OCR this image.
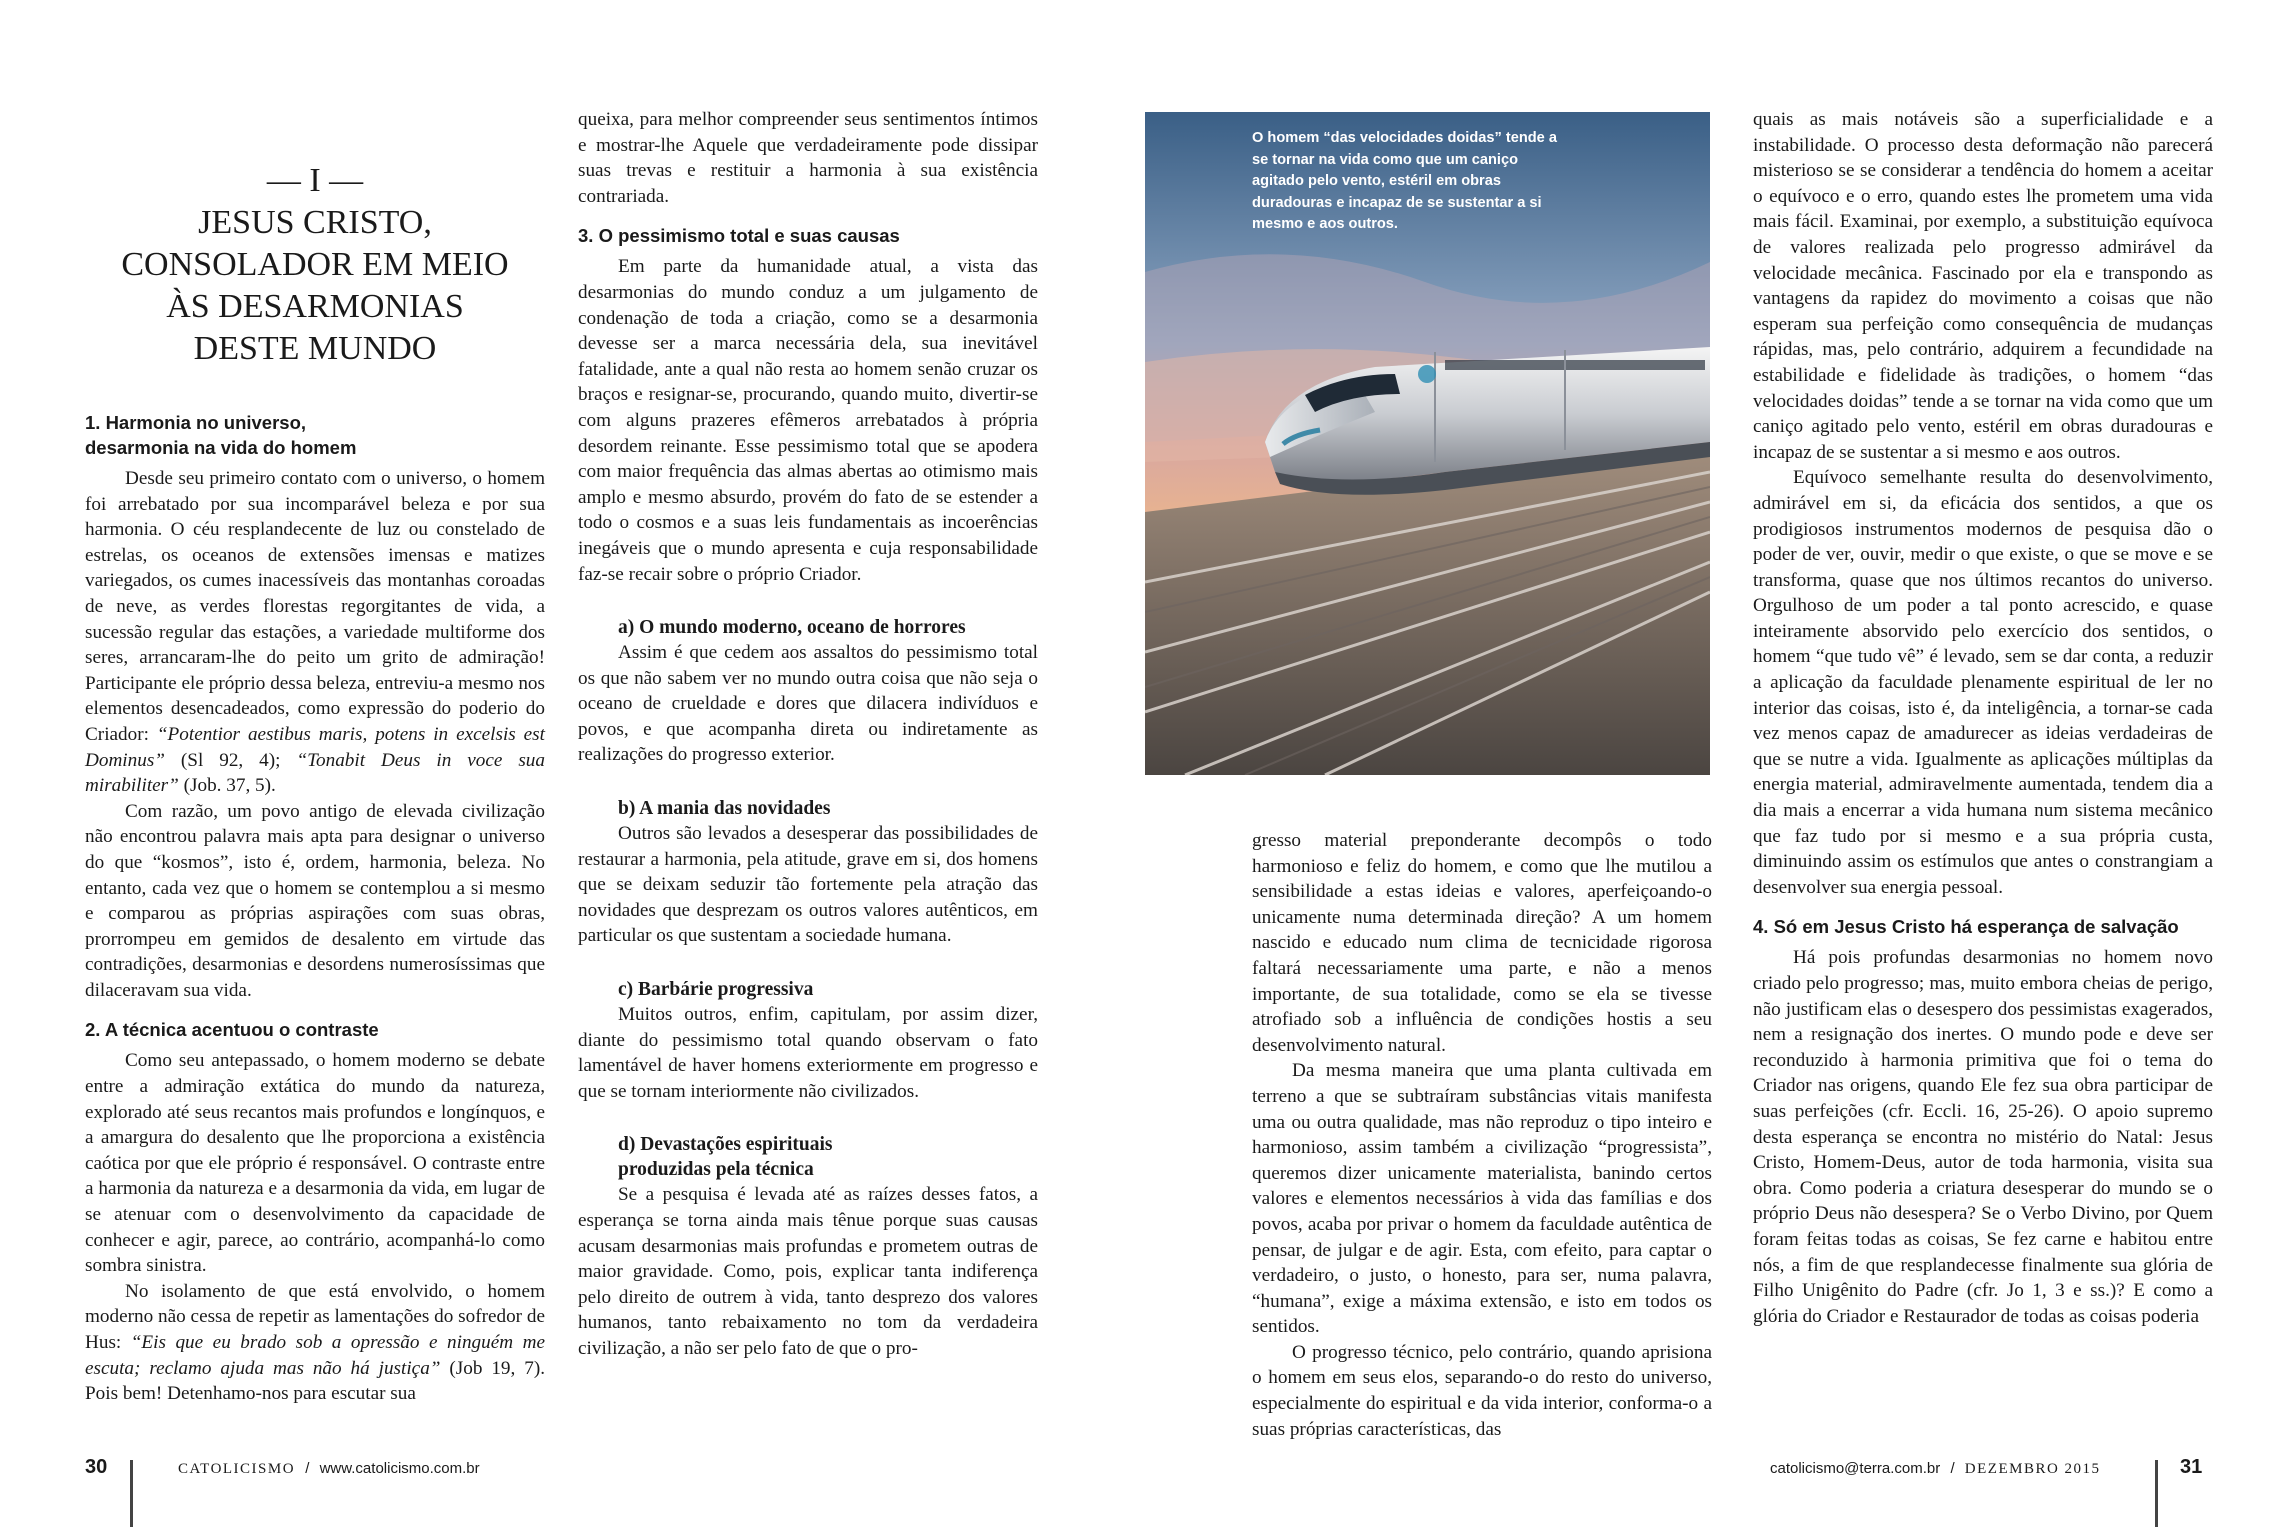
— I —
JESUS CRISTO,
CONSOLADOR EM MEIO
ÀS DESARMONIAS
DESTE MUNDO
1. Harmonia no universo,
desarmonia na vida do homem

Desde seu primeiro contato com o universo, o homem foi arrebatado por sua incomparável beleza e por sua harmonia. O céu resplandecente de luz ou constelado de estrelas, os oceanos de extensões imensas e matizes variegados, os cumes inacessíveis das montanhas coroadas de neve, as verdes florestas regorgitantes de vida, a sucessão regular das estações, a variedade multiforme dos seres, arrancaram-lhe do peito um grito de admiração! Participante ele próprio dessa beleza, entreviu-a mesmo nos elementos desencadeados, como expressão do poderio do Criador: “Potentior aestibus maris, potens in excelsis est Dominus” (Sl 92, 4); “Tonabit Deus in voce sua mirabiliter” (Job. 37, 5).

Com razão, um povo antigo de elevada civilização não encontrou palavra mais apta para designar o universo do que “kosmos”, isto é, ordem, harmonia, beleza. No entanto, cada vez que o homem se contemplou a si mesmo e comparou as próprias aspirações com suas obras, prorrompeu em gemidos de desalento em virtude das contradições, desarmonias e desordens numerosíssimas que dilaceravam sua vida.

2. A técnica acentuou o contraste

Como seu antepassado, o homem moderno se debate entre a admiração extática do mundo da natureza, explorado até seus recantos mais profundos e longínquos, e a amargura do desalento que lhe proporciona a existência caótica por que ele próprio é responsável. O contraste entre a harmonia da natureza e a desarmonia da vida, em lugar de se atenuar com o desenvolvimento da capacidade de conhecer e agir, parece, ao contrário, acompanhá-lo como sombra sinistra.

No isolamento de que está envolvido, o homem moderno não cessa de repetir as lamentações do sofredor de Hus: “Eis que eu brado sob a opressão e ninguém me escuta; reclamo ajuda mas não há justiça” (Job 19, 7). Pois bem! Detenhamo-nos para escutar sua

queixa, para melhor compreender seus sentimentos íntimos e mostrar-lhe Aquele que verdadeiramente pode dissipar suas trevas e restituir a harmonia à sua existência contrariada.

3. O pessimismo total e suas causas

Em parte da humanidade atual, a vista das desarmonias do mundo conduz a um julgamento de condenação de toda a criação, como se a desarmonia devesse ser a marca necessária dela, sua inevitável fatalidade, ante a qual não resta ao homem senão cruzar os braços e resignar-se, procurando, quando muito, divertir-se com alguns prazeres efêmeros arrebatados à própria desordem reinante. Esse pessimismo total que se apodera com maior frequência das almas abertas ao otimismo mais amplo e mesmo absurdo, provém do fato de se estender a todo o cosmos e a suas leis fundamentais as incoerências inegáveis que o mundo apresenta e cuja responsabilidade faz-se recair sobre o próprio Criador.

a) O mundo moderno, oceano de horrores

Assim é que cedem aos assaltos do pessimismo total os que não sabem ver no mundo outra coisa que não seja o oceano de crueldade e dores que dilacera indivíduos e povos, e que acompanha direta ou indiretamente as realizações do progresso exterior.

b) A mania das novidades

Outros são levados a desesperar das possibilidades de restaurar a harmonia, pela atitude, grave em si, dos homens que se deixam seduzir tão fortemente pela atração das novidades que desprezam os outros valores autênticos, em particular os que sustentam a sociedade humana.

c) Barbárie progressiva

Muitos outros, enfim, capitulam, por assim dizer, diante do pessimismo total quando observam o fato lamentável de haver homens exteriormente em progresso e que se tornam interiormente não civilizados.

d) Devastações espirituais
produzidas pela técnica

Se a pesquisa é levada até as raízes desses fatos, a esperança se torna ainda mais tênue porque suas causas acusam desarmonias mais profundas e prometem outras de maior gravidade. Como, pois, explicar tanta indiferença pelo direito de outrem à vida, tanto desprezo dos valores humanos, tanto rebaixamento no tom da verdadeira civilização, a não ser pelo fato de que o pro-

30	CATOLICISMO / www.catolicismo.com.br
O homem “das velocidades doidas” tende a se tornar na vida como que um caniço agitado pelo vento, estéril em obras duradouras e incapaz de se sustentar a si mesmo e aos outros.

gresso material preponderante decompôs o todo harmonioso e feliz do homem, e como que lhe mutilou a sensibilidade a estas ideias e valores, aperfeiçoando-o unicamente numa determinada direção? A um homem nascido e educado num clima de tecnicidade rigorosa faltará necessariamente uma parte, e não a menos importante, de sua totalidade, como se ela se tivesse atrofiado sob a influência de condições hostis a seu desenvolvimento natural.

Da mesma maneira que uma planta cultivada em terreno a que se subtraíram substâncias vitais manifesta uma ou outra qualidade, mas não reproduz o tipo inteiro e harmonioso, assim também a civilização “progressista”, queremos dizer unicamente materialista, banindo certos valores e elementos necessários à vida das famílias e dos povos, acaba por privar o homem da faculdade autêntica de pensar, de julgar e de agir. Esta, com efeito, para captar o verdadeiro, o justo, o honesto, para ser, numa palavra, “humana”, exige a máxima extensão, e isto em todos os sentidos.

O progresso técnico, pelo contrário, quando aprisiona o homem em seus elos, separando-o do resto do universo, especialmente do espiritual e da vida interior, conforma-o a suas próprias características, das

quais as mais notáveis são a superficialidade e a instabilidade. O processo desta deformação não parecerá misterioso se se considerar a tendência do homem a aceitar o equívoco e o erro, quando estes lhe prometem uma vida mais fácil. Examinai, por exemplo, a substituição equívoca de valores realizada pelo progresso admirável da velocidade mecânica. Fascinado por ela e transpondo as vantagens da rapidez do movimento a coisas que não esperam sua perfeição como consequência de mudanças rápidas, mas, pelo contrário, adquirem a fecundidade na estabilidade e fidelidade às tradições, o homem “das velocidades doidas” tende a se tornar na vida como que um caniço agitado pelo vento, estéril em obras duradouras e incapaz de se sustentar a si mesmo e aos outros.

Equívoco semelhante resulta do desenvolvimento, admirável em si, da eficácia dos sentidos, a que os prodigiosos instrumentos modernos de pesquisa dão o poder de ver, ouvir, medir o que existe, o que se move e se transforma, quase que nos últimos recantos do universo. Orgulhoso de um poder a tal ponto acrescido, e quase inteiramente absorvido pelo exercício dos sentidos, o homem “que tudo vê” é levado, sem se dar conta, a reduzir a aplicação da faculdade plenamente espiritual de ler no interior das coisas, isto é, da inteligência, a tornar-se cada vez menos capaz de amadurecer as ideias verdadeiras de que se nutre a vida. Igualmente as aplicações múltiplas da energia material, admiravelmente aumentada, tendem dia a dia mais a encerrar a vida humana num sistema mecânico que faz tudo por si mesmo e a sua própria custa, diminuindo assim os estímulos que antes o constrangiam a desenvolver sua energia pessoal.

4. Só em Jesus Cristo há esperança de salvação

Há pois profundas desarmonias no homem novo criado pelo progresso; mas, muito embora cheias de perigo, não justificam elas o desespero dos pessimistas exagerados, nem a resignação dos inertes. O mundo pode e deve ser reconduzido à harmonia primitiva que foi o tema do Criador nas origens, quando Ele fez sua obra participar de suas perfeições (cfr. Eccli. 16, 25-26). O apoio supremo desta esperança se encontra no mistério do Natal: Jesus Cristo, Homem-Deus, autor de toda harmonia, visita sua obra. Como poderia a criatura desesperar do mundo se o próprio Deus não desespera? Se o Verbo Divino, por Quem foram feitas todas as coisas, Se fez carne e habitou entre nós, a fim de que resplandecesse finalmente sua glória de Filho Unigênito do Padre (cfr. Jo 1, 3 e ss.)? E como a glória do Criador e Restaurador de todas as coisas poderia

catolicismo@terra.com.br / DEZEMBRO 2015	31
